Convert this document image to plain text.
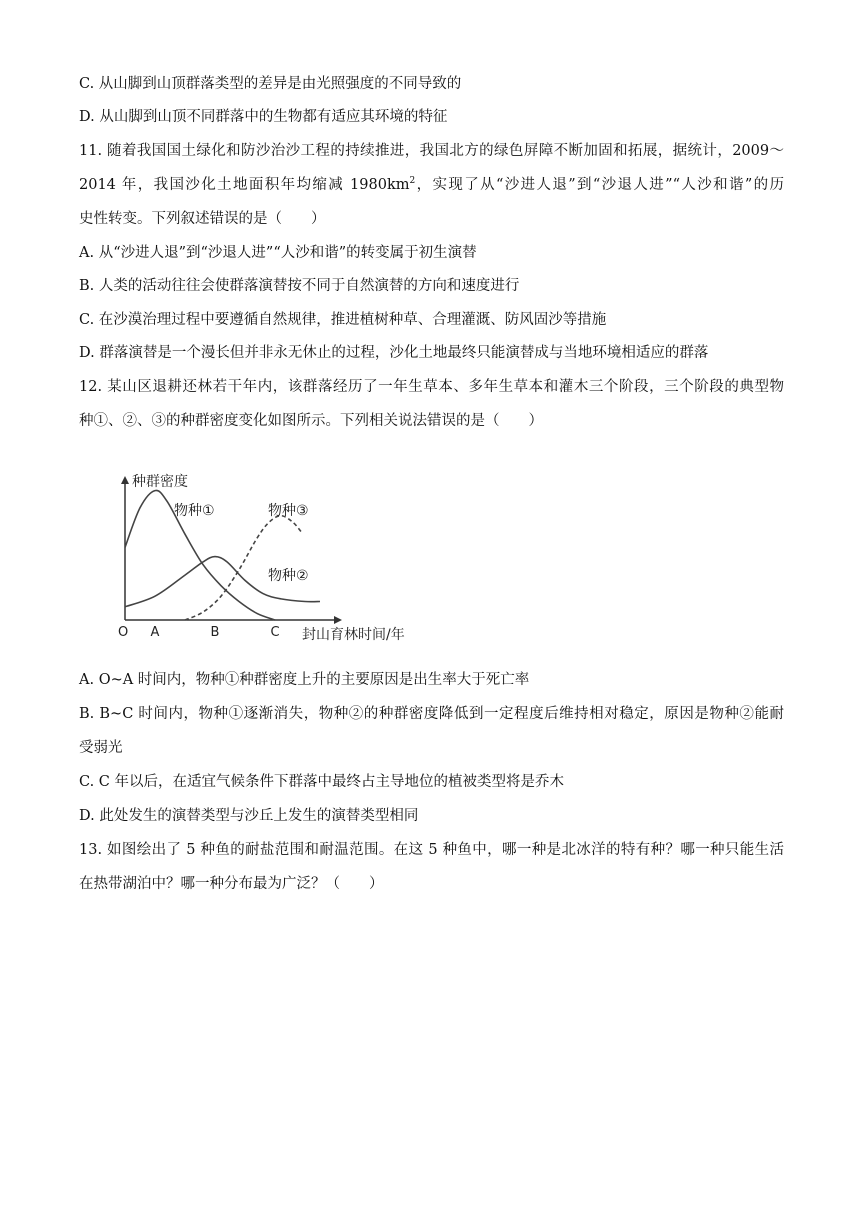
C. 从山脚到山顶群落类型的差异是由光照强度的不同导致的
D. 从山脚到山顶不同群落中的生物都有适应其环境的特征
11. 随着我国国土绿化和防沙治沙工程的持续推进，我国北方的绿色屏障不断加固和拓展，据统计，2009～
2014 年，我国沙化土地面积年均缩减 $1980km^2$，实现了从“沙进人退”到“沙退人进”“人沙和谐”的历
史性转变。下列叙述错误的是（　　）
A. 从“沙进人退”到“沙退人进”“人沙和谐”的转变属于初生演替
B. 人类的活动往往会使群落演替按不同于自然演替的方向和速度进行
C. 在沙漠治理过程中要遵循自然规律，推进植树种草、合理灌溉、防风固沙等措施
D. 群落演替是一个漫长但并非永无休止的过程，沙化土地最终只能演替成与当地环境相适应的群落
12. 某山区退耕还林若干年内，该群落经历了一年生草本、多年生草本和灌木三个阶段，三个阶段的典型物
种①、②、③的种群密度变化如图所示。下列相关说法错误的是（　　）
种群密度
封山育林时间/年
O A	B	C
物种①
物种②
物种③
A. O~A 时间内，物种①种群密度上升的主要原因是出生率大于死亡率
B. B~C 时间内，物种①逐渐消失，物种②的种群密度降低到一定程度后维持相对稳定，原因是物种②能耐
受弱光
C. C 年以后，在适宜气候条件下群落中最终占主导地位的植被类型将是乔木
D. 此处发生的演替类型与沙丘上发生的演替类型相同
13. 如图绘出了 5 种鱼的耐盐范围和耐温范围。在这 5 种鱼中，哪一种是北冰洋的特有种？哪一种只能生活
在热带湖泊中？哪一种分布最为广泛？（　　）
